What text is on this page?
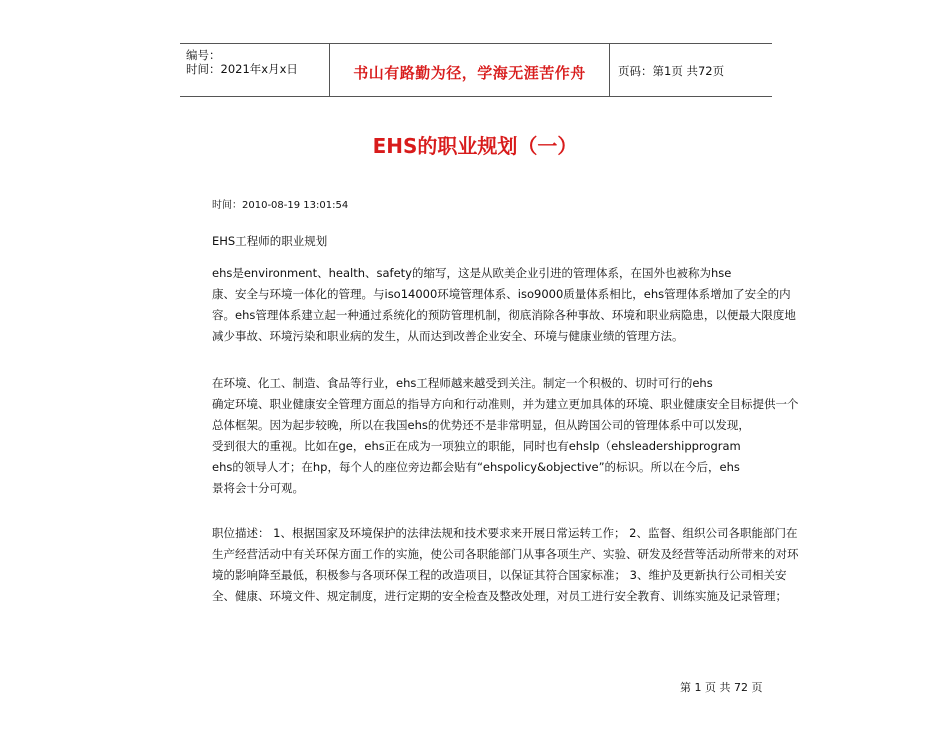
编号：
时间：2021年x月x日	书山有路勤为径，学海无涯苦作舟	页码：第1页 共72页
EHS的职业规划（一）
时间：2010-08-19 13:01:54
EHS工程师的职业规划
ehs是environment、health、safety的缩写，这是从欧美企业引进的管理体系，在国外也被称为hse
康、安全与环境一体化的管理。与iso14000环境管理体系、iso9000质量体系相比，ehs管理体系增加了安全的内
容。ehs管理体系建立起一种通过系统化的预防管理机制，彻底消除各种事故、环境和职业病隐患，以便最大限度地
减少事故、环境污染和职业病的发生，从而达到改善企业安全、环境与健康业绩的管理方法。
在环境、化工、制造、食品等行业，ehs工程师越来越受到关注。制定一个积极的、切时可行的ehs
确定环境、职业健康安全管理方面总的指导方向和行动准则，并为建立更加具体的环境、职业健康安全目标提供一个
总体框架。因为起步较晚，所以在我国ehs的优势还不是非常明显，但从跨国公司的管理体系中可以发现，
受到很大的重视。比如在ge，ehs正在成为一项独立的职能，同时也有ehslp（ehsleadershipprogram
ehs的领导人才；在hp，每个人的座位旁边都会贴有“ehspolicy&objective”的标识。所以在今后，ehs
景将会十分可观。
职位描述： 1、根据国家及环境保护的法律法规和技术要求来开展日常运转工作； 2、监督、组织公司各职能部门在
生产经营活动中有关环保方面工作的实施，使公司各职能部门从事各项生产、实验、研发及经营等活动所带来的对环
境的影响降至最低，积极参与各项环保工程的改造项目，以保证其符合国家标准； 3、维护及更新执行公司相关安
全、健康、环境文件、规定制度，进行定期的安全检查及整改处理，对员工进行安全教育、训练实施及记录管理；
第 1 页 共 72 页
